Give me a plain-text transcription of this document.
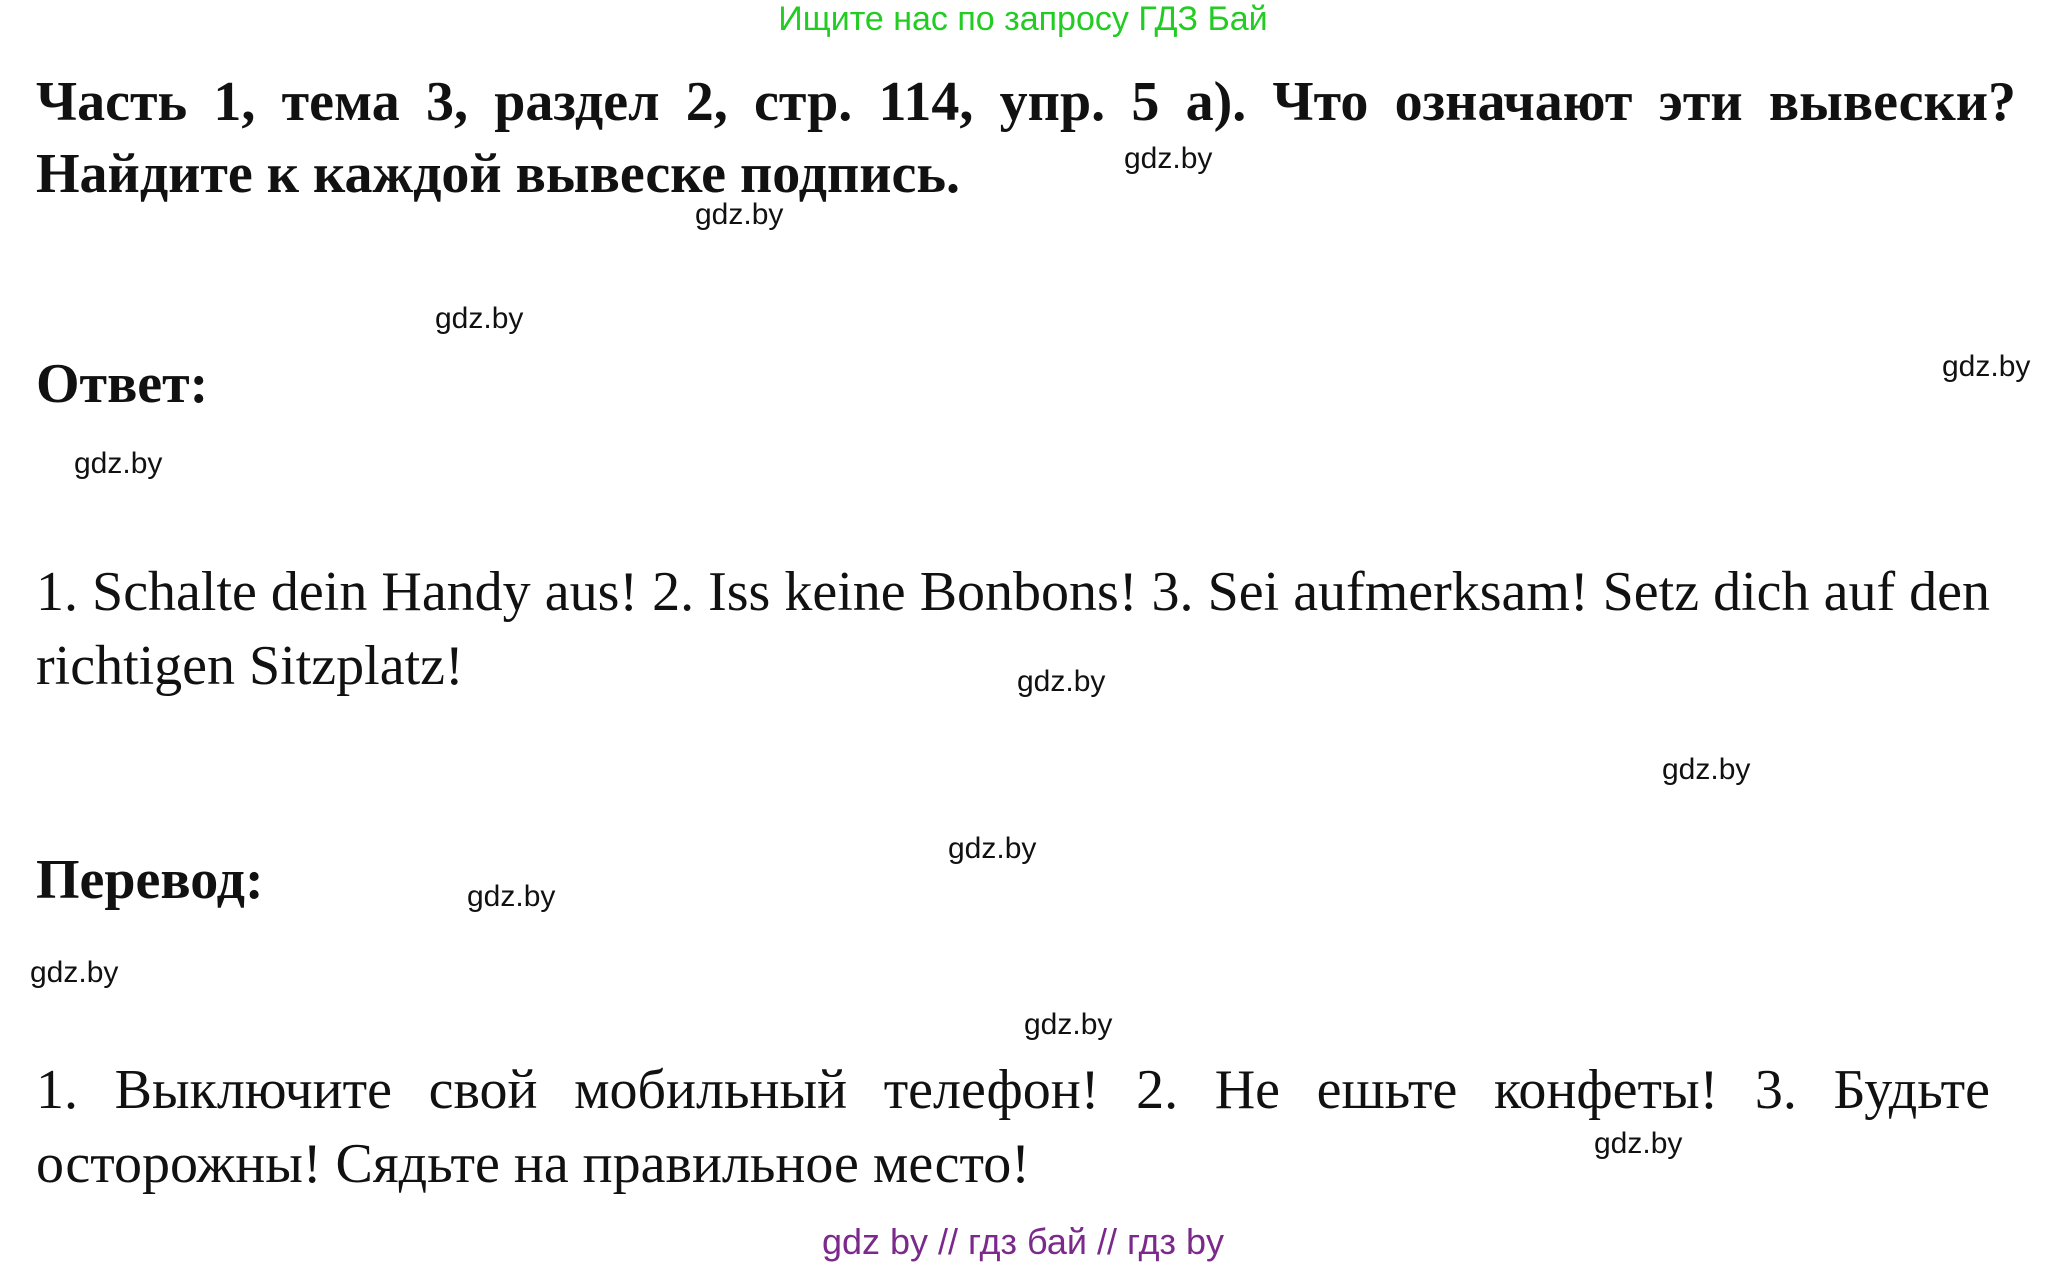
Ищите нас по запросу ГДЗ Бай

Часть 1, тема 3, раздел 2, стр. 114, упр. 5 а). Что означают эти вывески? Найдите к каждой вывеске подпись.

Ответ:

1. Schalte dein Handy aus! 2. Iss keine Bonbons! 3. Sei aufmerksam! Setz dich auf den richtigen Sitzplatz!

Перевод:

1. Выключите свой мобильный телефон! 2. Не ешьте конфеты! 3. Будьте осторожны! Сядьте на правильное место!

gdz.by
gdz.by
gdz.by
gdz.by
gdz.by
gdz.by
gdz.by
gdz.by
gdz.by
gdz.by
gdz.by
gdz.by
gdz by // гдз бай // гдз by
